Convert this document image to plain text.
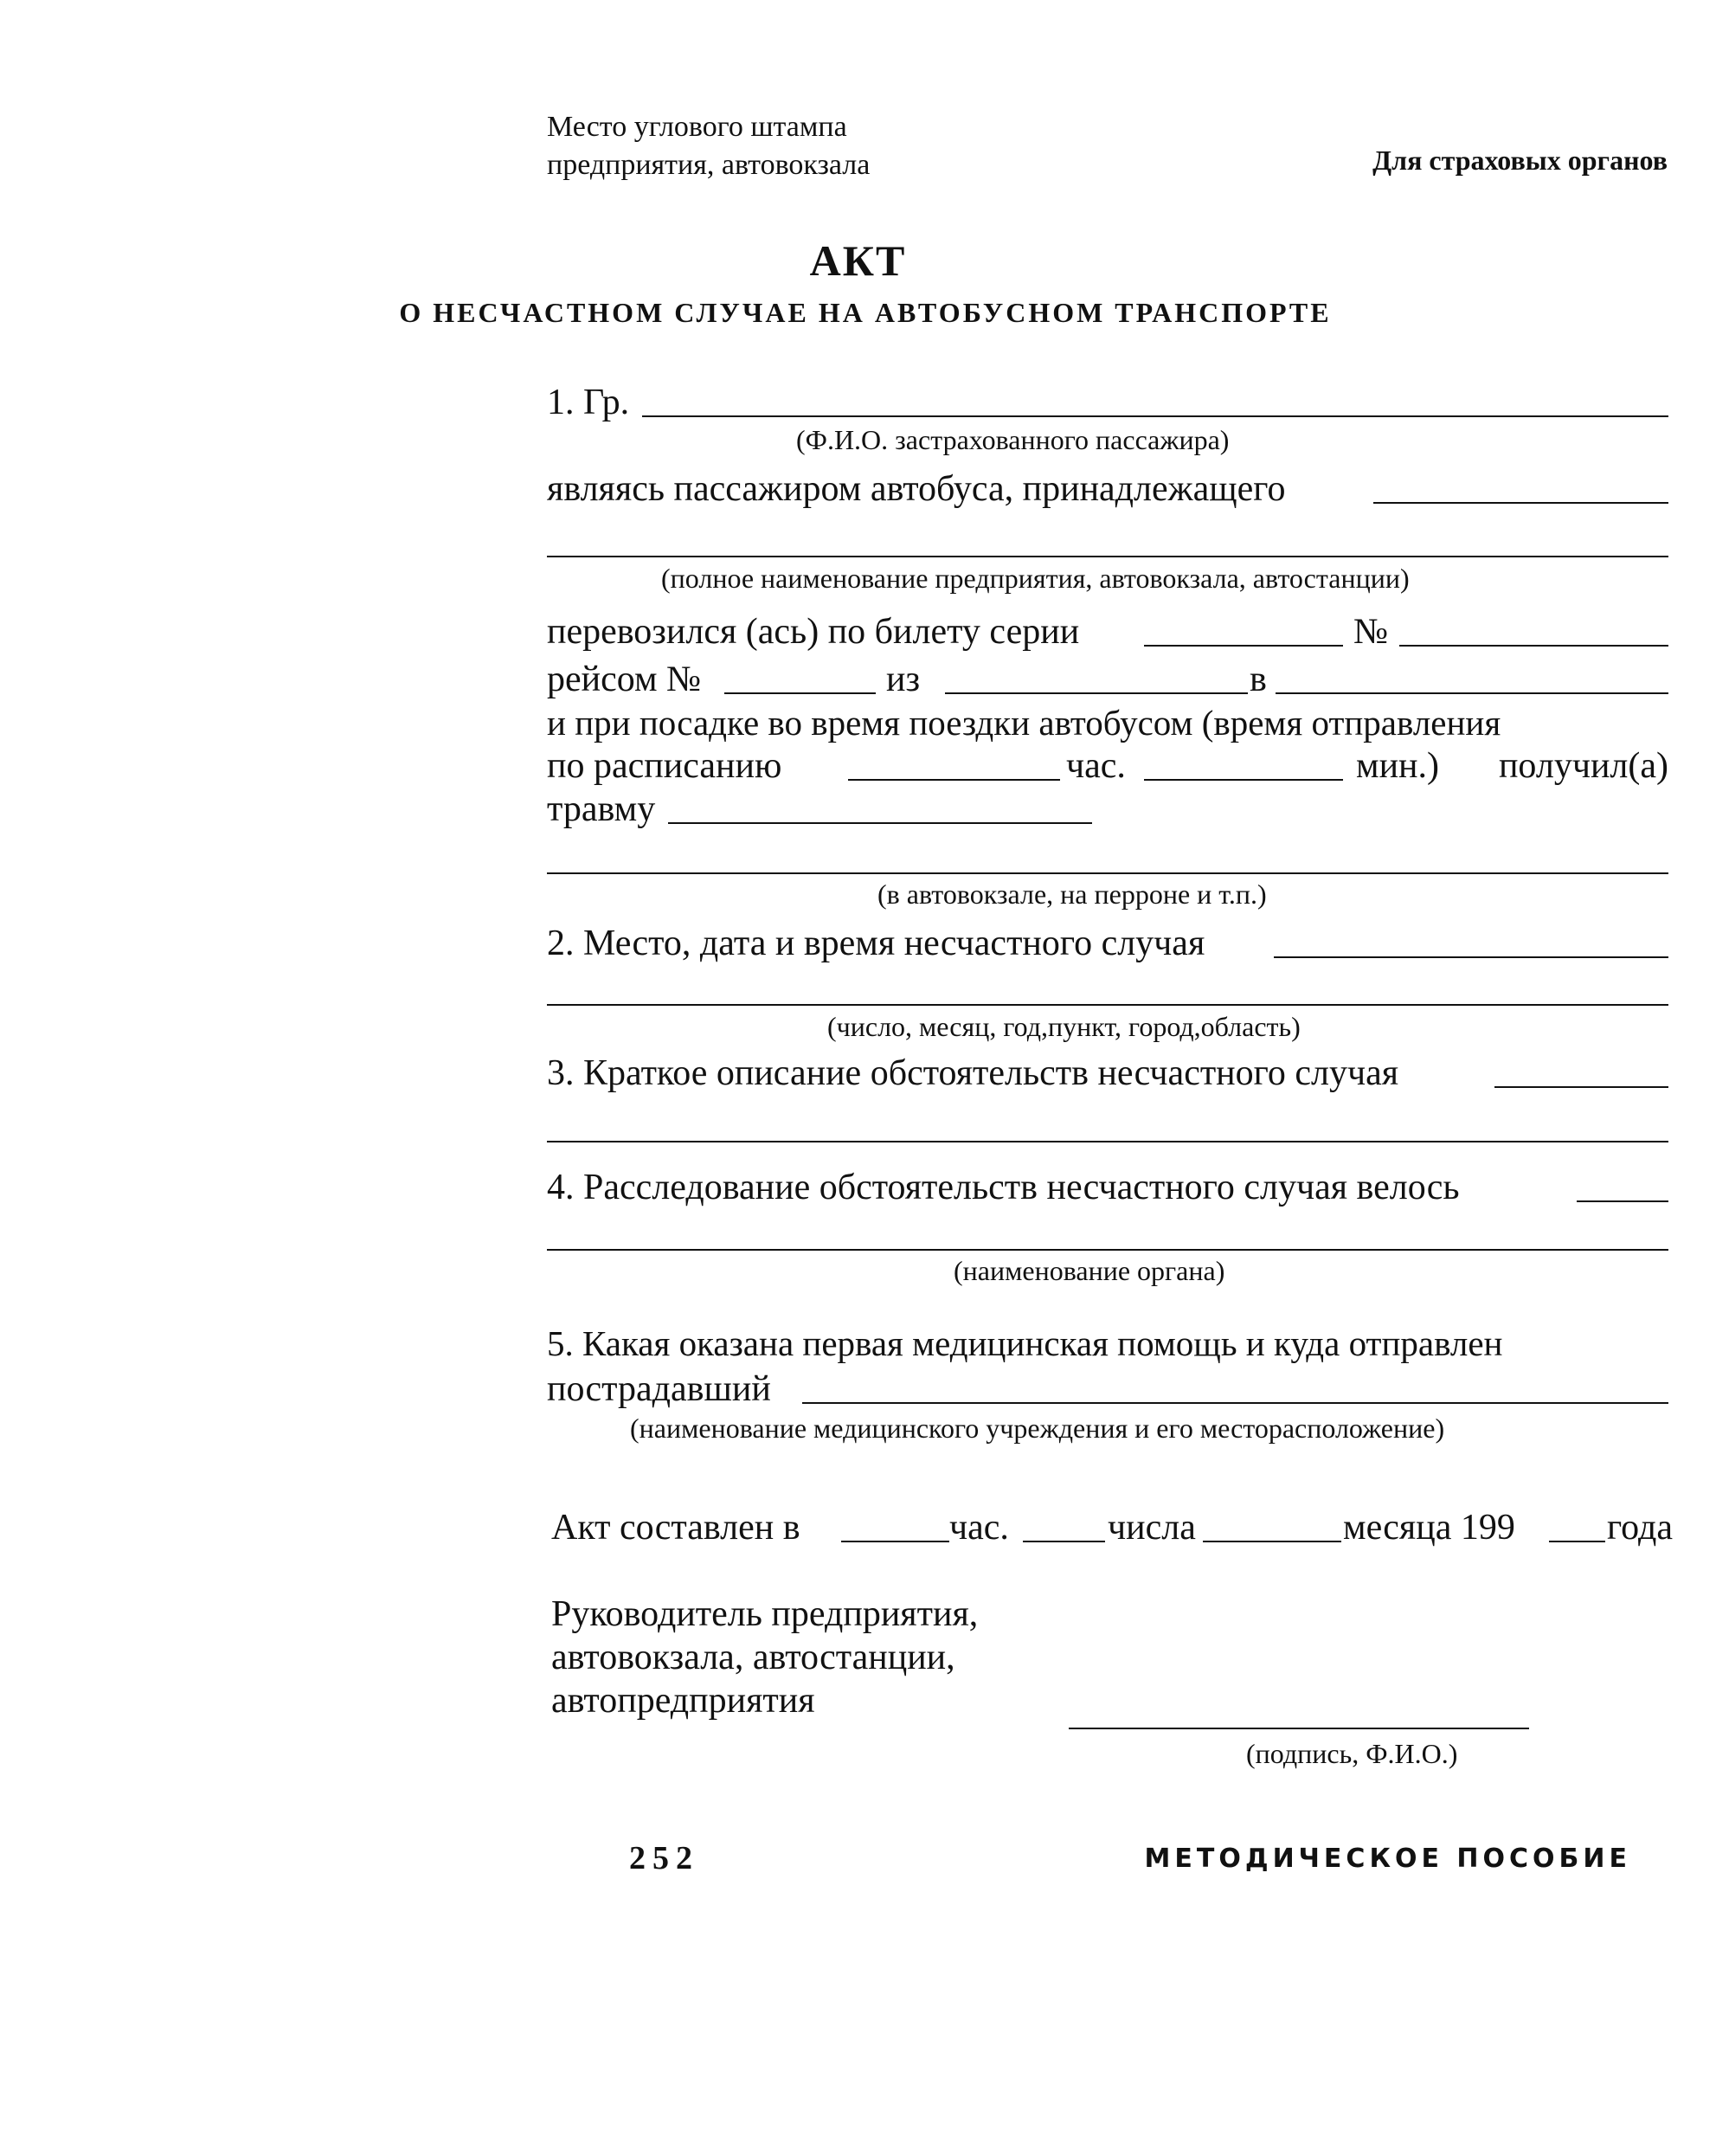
Место углового штампа
предприятия, автовокзала	Для страховых органов
АКТ
О НЕСЧАСТНОМ СЛУЧАЕ НА АВТОБУСНОМ ТРАНСПОРТЕ
1. Гр.
(Ф.И.О. застрахованного пассажира)
являясь пассажиром автобуса, принадлежащего
(полное наименование предприятия, автовокзала, автостанции)
перевозился (ась) по билету серии	№
рейсом №	из	в
и при посадке во время поездки автобусом (время отправления
по расписанию	час.	мин.) получил(а)
травму
(в автовокзале, на перроне и т.п.)
2. Место, дата и время несчастного случая
(число, месяц, год,пункт, город,область)
3. Краткое описание обстоятельств несчастного случая
4. Расследование обстоятельств несчастного случая велось
(наименование органа)
5. Какая оказана первая медицинская помощь и куда отправлен
пострадавший
(наименование медицинского учреждения и его месторасположение)
Акт составлен в	час.	числа	месяца 199	года
Руководитель предприятия,
автовокзала, автостанции,
автопредприятия
(подпись, Ф.И.О.)
252	МЕТОДИЧЕСКОЕ ПОСОБИЕ
